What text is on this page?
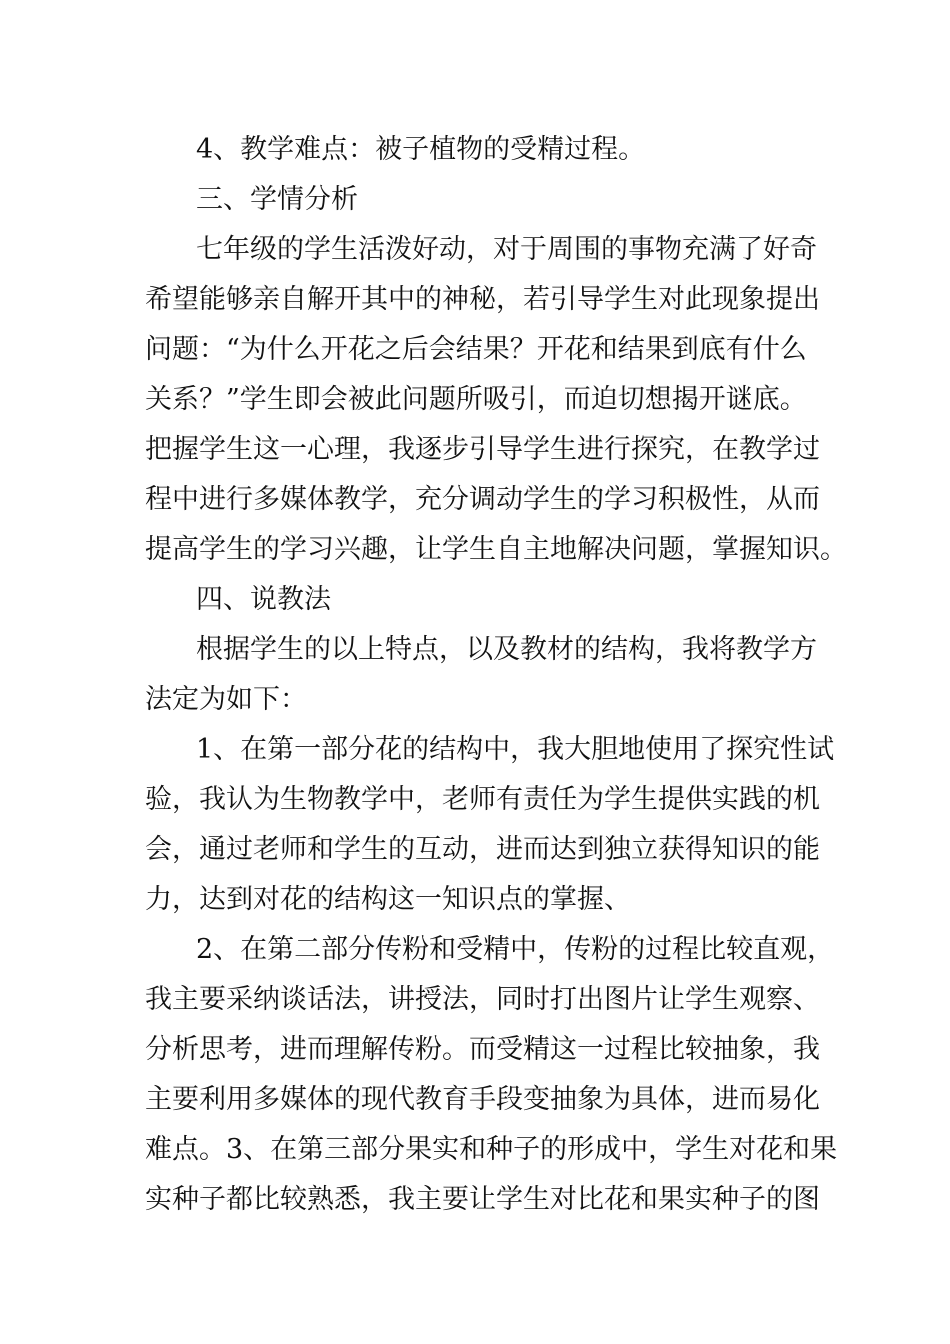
4、教学难点：被子植物的受精过程。
三、学情分析
七年级的学生活泼好动，对于周围的事物充满了好奇
希望能够亲自解开其中的神秘，若引导学生对此现象提出
问题：“为什么开花之后会结果？开花和结果到底有什么
关系？”学生即会被此问题所吸引，而迫切想揭开谜底。
把握学生这一心理，我逐步引导学生进行探究，在教学过
程中进行多媒体教学，充分调动学生的学习积极性，从而
提高学生的学习兴趣，让学生自主地解决问题，掌握知识。
四、说教法
根据学生的以上特点，以及教材的结构，我将教学方
法定为如下：
1、在第一部分花的结构中，我大胆地使用了探究性试
验，我认为生物教学中，老师有责任为学生提供实践的机
会，通过老师和学生的互动，进而达到独立获得知识的能
力，达到对花的结构这一知识点的掌握、
2、在第二部分传粉和受精中，传粉的过程比较直观，
我主要采纳谈话法，讲授法，同时打出图片让学生观察、
分析思考，进而理解传粉。而受精这一过程比较抽象，我
主要利用多媒体的现代教育手段变抽象为具体，进而易化
难点。3、在第三部分果实和种子的形成中，学生对花和果
实种子都比较熟悉，我主要让学生对比花和果实种子的图
